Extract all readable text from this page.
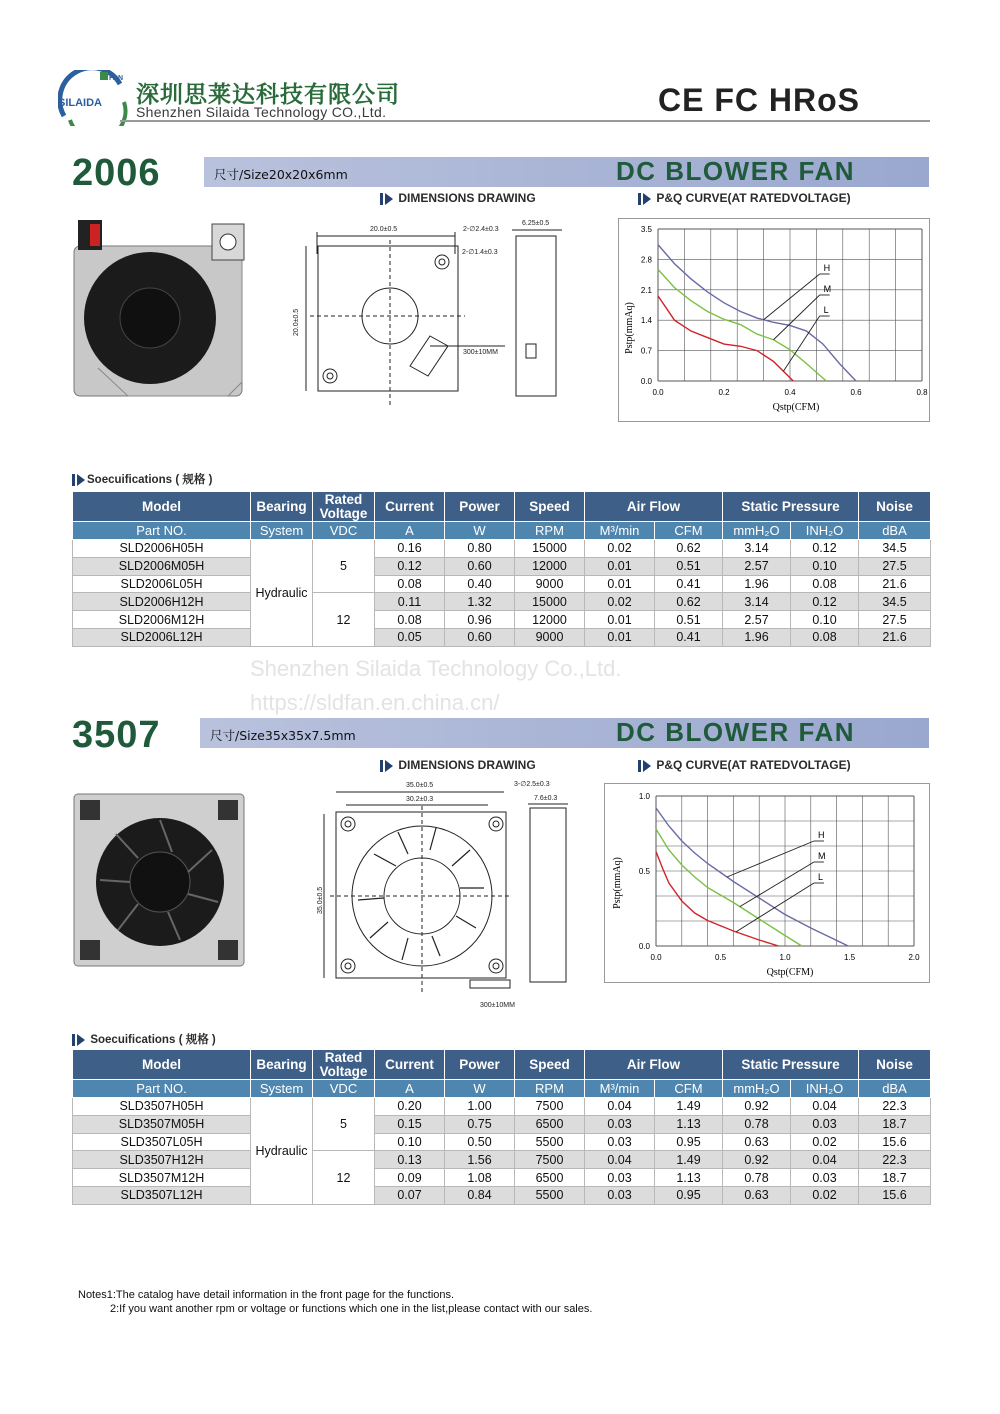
FAN
SILAIDA 深圳思莱达科技有限公司
Shenzhen Silaida Technology CO.,Ltd.	CE FC HRoS
2006	尺寸/Size20x20x6mm	DC BLOWER FAN
DIMENSIONS DRAWING	P&Q CURVE(AT RATEDVOLTAGE)
20.0±0.5	2-∅2.4±0.3
2-∅1.4±0.3
6.25±0.5
20.0±0.5
300±10MM
0.0	0.2	0.4	0.6	0.8
0.0
0.7
1.4
2.1
2.8
3.5
H
M
L
Qstp(CFM)
Pstp(mmAq)
Soecuifications ( 规格 )
Model	Bearing	Rated Voltage	Current	Power	Speed	Air Flow		Static Pressure		Noise
Part NO.	System	VDC	A	W	RPM	M³/min	CFM	mmH₂O	INH₂O	dBA
SLD2006H05H	Hydraulic	5	0.16	0.80	15000	0.02	0.62	3.14	0.12	34.5
SLD2006M05H			0.12	0.60	12000	0.01	0.51	2.57	0.10	27.5
SLD2006L05H			0.08	0.40	9000	0.01	0.41	1.96	0.08	21.6
SLD2006H12H		12	0.11	1.32	15000	0.02	0.62	3.14	0.12	34.5
SLD2006M12H			0.08	0.96	12000	0.01	0.51	2.57	0.10	27.5
SLD2006L12H			0.05	0.60	9000	0.01	0.41	1.96	0.08	21.6
Shenzhen Silaida Technology Co.,Ltd.
https://sldfan.en.china.cn/
3507	尺寸/Size35x35x7.5mm	DC BLOWER FAN
DIMENSIONS DRAWING	P&Q CURVE(AT RATEDVOLTAGE)
35.0±0.5	3-∅2.5±0.3
30.2±0.3	7.6±0.3
35.0±0.5
300±10MM
0.0	0.5	1.0	1.5	2.0
0.0
0.5
1.0
H
M
L
Qstp(CFM)
Pstp(mmAq)
Soecuifications ( 规格 )
Model	Bearing	Rated Voltage	Current	Power	Speed	Air Flow		Static Pressure		Noise
Part NO.	System	VDC	A	W	RPM	M³/min	CFM	mmH₂O	INH₂O	dBA
SLD3507H05H	Hydraulic	5	0.20	1.00	7500	0.04	1.49	0.92	0.04	22.3
SLD3507M05H			0.15	0.75	6500	0.03	1.13	0.78	0.03	18.7
SLD3507L05H			0.10	0.50	5500	0.03	0.95	0.63	0.02	15.6
SLD3507H12H		12	0.13	1.56	7500	0.04	1.49	0.92	0.04	22.3
SLD3507M12H			0.09	1.08	6500	0.03	1.13	0.78	0.03	18.7
SLD3507L12H			0.07	0.84	5500	0.03	0.95	0.63	0.02	15.6
Notes1:The catalog have detail information in the front page for the functions.
2:If you want another rpm or voltage or functions which one in the list,please contact with our sales.
